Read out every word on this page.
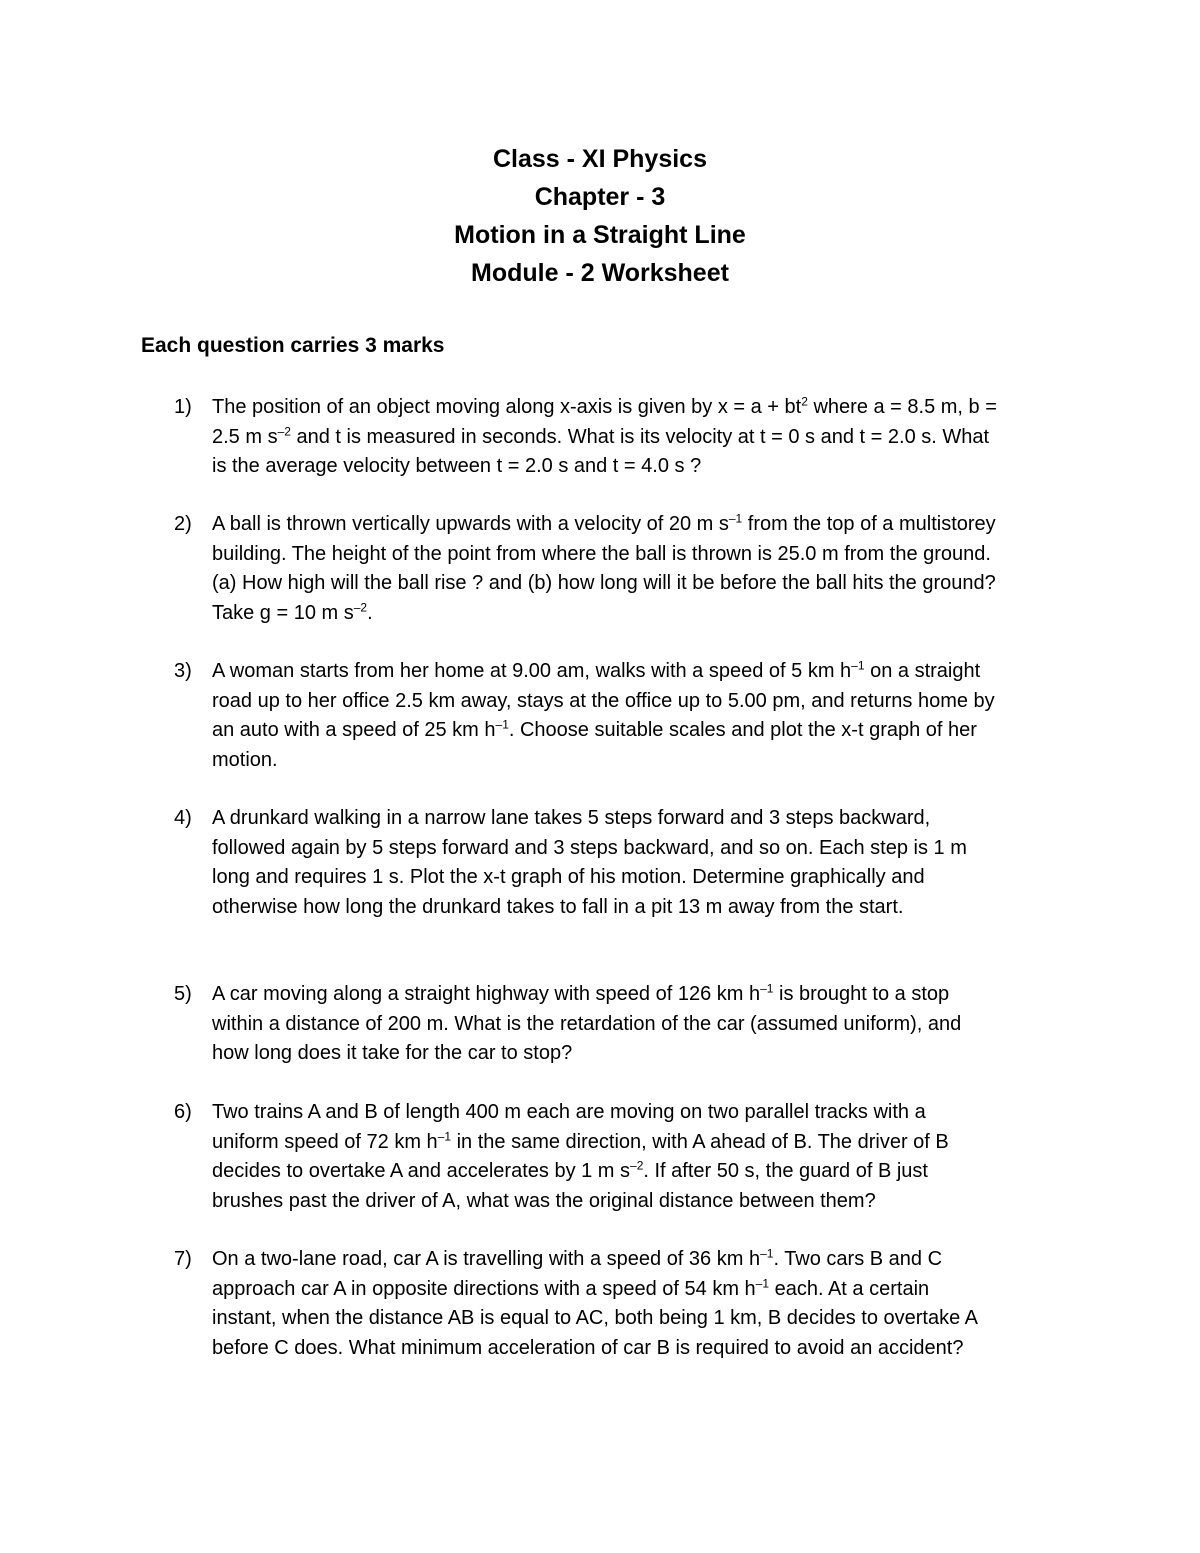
Class - XI Physics

Chapter - 3

Motion in a Straight Line

Module - 2 Worksheet

Each question carries 3 marks

1) The position of an object moving along x-axis is given by $x = a + bt^2$ where a = 8.5 m, b =
2.5 m $s^{-2}$ and t is measured in seconds. What is its velocity at t = 0 s and t = 2.0 s. What
is the average velocity between t = 2.0 s and t = 4.0 s ?
2) A ball is thrown vertically upwards with a velocity of 20 m $s^{-1}$ from the top of a multistorey
building. The height of the point from where the ball is thrown is 25.0 m from the ground.
(a) How high will the ball rise ? and (b) how long will it be before the ball hits the ground?
Take g = 10 m $s^{-2}$.
3) A woman starts from her home at 9.00 am, walks with a speed of 5 km $h^{-1}$ on a straight
road up to her office 2.5 km away, stays at the office up to 5.00 pm, and returns home by
an auto with a speed of 25 km $h^{-1}$. Choose suitable scales and plot the x-t graph of her
motion.
4) A drunkard walking in a narrow lane takes 5 steps forward and 3 steps backward,
followed again by 5 steps forward and 3 steps backward, and so on. Each step is 1 m
long and requires 1 s. Plot the x-t graph of his motion. Determine graphically and
otherwise how long the drunkard takes to fall in a pit 13 m away from the start.
5) A car moving along a straight highway with speed of 126 km $h^{-1}$ is brought to a stop
within a distance of 200 m. What is the retardation of the car (assumed uniform), and
how long does it take for the car to stop?
6) Two trains A and B of length 400 m each are moving on two parallel tracks with a
uniform speed of 72 km $h^{-1}$ in the same direction, with A ahead of B. The driver of B
decides to overtake A and accelerates by 1 m $s^{-2}$. If after 50 s, the guard of B just
brushes past the driver of A, what was the original distance between them?
7) On a two-lane road, car A is travelling with a speed of 36 km $h^{-1}$. Two cars B and C
approach car A in opposite directions with a speed of 54 km $h^{-1}$ each. At a certain
instant, when the distance AB is equal to AC, both being 1 km, B decides to overtake A
before C does. What minimum acceleration of car B is required to avoid an accident?
